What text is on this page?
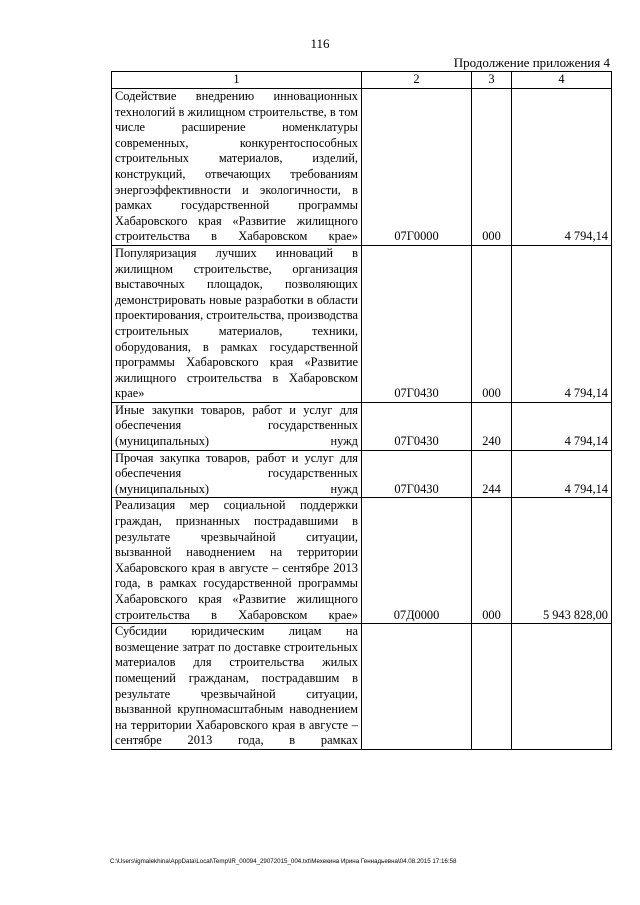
116
Продолжение приложения 4
1	2	3	4
Содействие внедрению инновационных технологий в жилищном строительстве, в том числе расширение номенклатуры современных, конкурентоспособных строительных материалов, изделий, конструкций, отвечающих требованиям энергоэффективности и экологичности, в рамках государственной программы Хабаровского края «Развитие жилищного строительства в Хабаровском крае»	07Г0000	000	4 794,14
Популяризация лучших инноваций в жилищном строительстве, организация выставочных площадок, позволяющих демонстрировать новые разработки в области проектирования, строительства, производства строительных материалов, техники, оборудования, в рамках государственной программы Хабаровского края «Развитие жилищного строительства в Хабаровском крае»	07Г0430	000	4 794,14
Иные закупки товаров, работ и услуг для обеспечения государственных (муниципальных) нужд	07Г0430	240	4 794,14
Прочая закупка товаров, работ и услуг для обеспечения государственных (муниципальных) нужд	07Г0430	244	4 794,14
Реализация мер социальной поддержки граждан, признанных пострадавшими в результате чрезвычайной ситуации, вызванной наводнением на территории Хабаровского края в августе – сентябре 2013 года, в рамках государственной программы Хабаровского края «Развитие жилищного строительства в Хабаровском крае»	07Д0000	000	5 943 828,00
Субсидии юридическим лицам на возмещение затрат по доставке строительных материалов для строительства жилых помещений гражданам, пострадавшим в результате чрезвычайной ситуации, вызванной крупномасштабным наводнением на территории Хабаровского края в августе – сентябре 2013 года, в рамках			
C:\Users\igmalekhina\AppData\Local\Temp\IR_00094_29072015_004.txt\Мехекина Ирина Геннадьевна\04.08.2015 17:16:58
